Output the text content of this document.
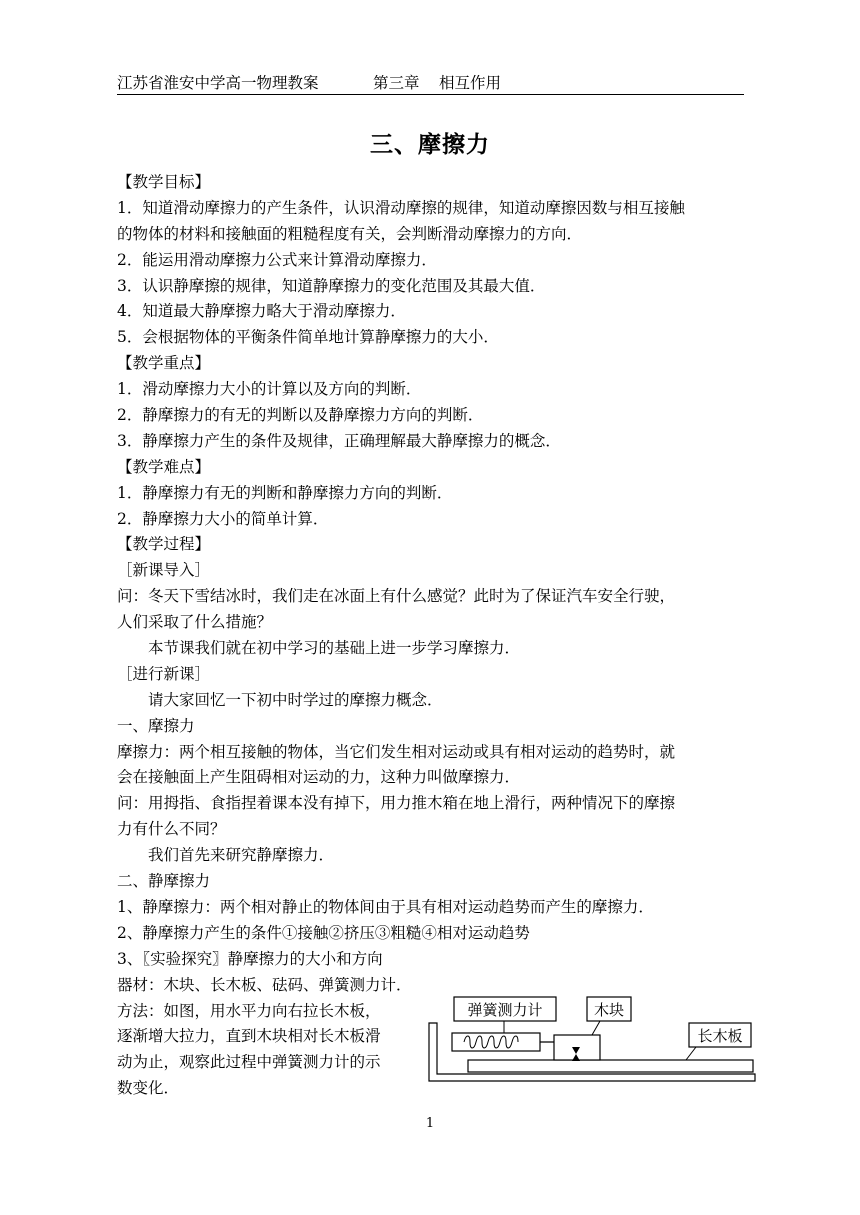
江苏省淮安中学高一物理教案	第三章 相互作用
三、摩擦力
【教学目标】
1．知道滑动摩擦力的产生条件，认识滑动摩擦的规律，知道动摩擦因数与相互接触
的物体的材料和接触面的粗糙程度有关，会判断滑动摩擦力的方向．
2．能运用滑动摩擦力公式来计算滑动摩擦力．
3．认识静摩擦的规律，知道静摩擦力的变化范围及其最大值．
4．知道最大静摩擦力略大于滑动摩擦力．
5．会根据物体的平衡条件简单地计算静摩擦力的大小．
【教学重点】
1．滑动摩擦力大小的计算以及方向的判断．
2．静摩擦力的有无的判断以及静摩擦力方向的判断．
3．静摩擦力产生的条件及规律，正确理解最大静摩擦力的概念．
【教学难点】
1．静摩擦力有无的判断和静摩擦力方向的判断．
2．静摩擦力大小的简单计算．
【教学过程】
［新课导入］
问：冬天下雪结冰时，我们走在冰面上有什么感觉？此时为了保证汽车安全行驶，
人们采取了什么措施？
本节课我们就在初中学习的基础上进一步学习摩擦力．
［进行新课］
请大家回忆一下初中时学过的摩擦力概念．
一、摩擦力
摩擦力：两个相互接触的物体，当它们发生相对运动或具有相对运动的趋势时，就
会在接触面上产生阻碍相对运动的力，这种力叫做摩擦力．
问：用拇指、食指捏着课本没有掉下，用力推木箱在地上滑行，两种情况下的摩擦
力有什么不同？
我们首先来研究静摩擦力．
二、静摩擦力
1、静摩擦力：两个相对静止的物体间由于具有相对运动趋势而产生的摩擦力．
2、静摩擦力产生的条件①接触②挤压③粗糙④相对运动趋势
3、〖实验探究〗静摩擦力的大小和方向
器材：木块、长木板、砝码、弹簧测力计．
方法：如图，用水平力向右拉长木板，
逐渐增大拉力，直到木块相对长木板滑
动为止，观察此过程中弹簧测力计的示
数变化．
弹簧测力计	木块
长木板
1
